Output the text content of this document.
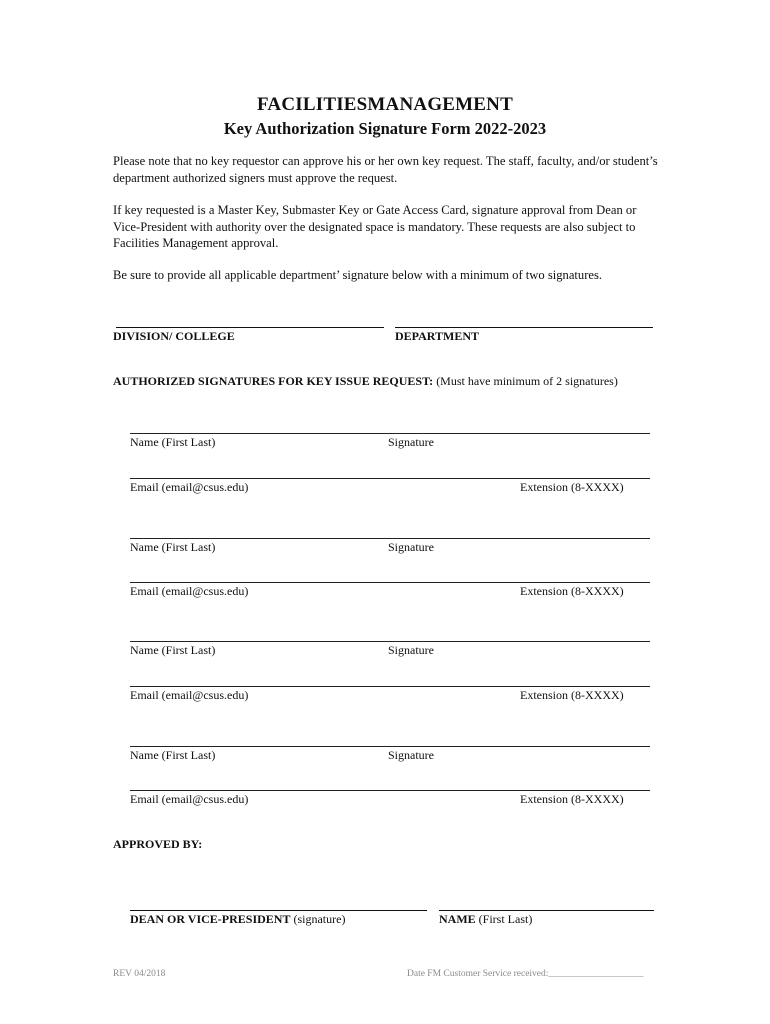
FACILITIESMANAGEMENT
Key Authorization Signature Form 2022-2023

Please note that no key requestor can approve his or her own key request. The staff, faculty, and/or student’s department authorized signers must approve the request.

If key requested is a Master Key, Submaster Key or Gate Access Card, signature approval from Dean or Vice-President with authority over the designated space is mandatory. These requests are also subject to Facilities Management approval.

Be sure to provide all applicable department’ signature below with a minimum of two signatures.

DIVISION/ COLLEGE	DEPARTMENT
AUTHORIZED SIGNATURES FOR KEY ISSUE REQUEST: (Must have minimum of 2 signatures)
Name (First Last)	Signature
Email (email@csus.edu)	Extension (8-XXXX)
Name (First Last)	Signature
Email (email@csus.edu)	Extension (8-XXXX)
Name (First Last)	Signature
Email (email@csus.edu)	Extension (8-XXXX)
Name (First Last)	Signature
Email (email@csus.edu)	Extension (8-XXXX)
APPROVED BY:
DEAN OR VICE-PRESIDENT (signature)	NAME (First Last)
REV 04/2018	Date FM Customer Service received:____________________
